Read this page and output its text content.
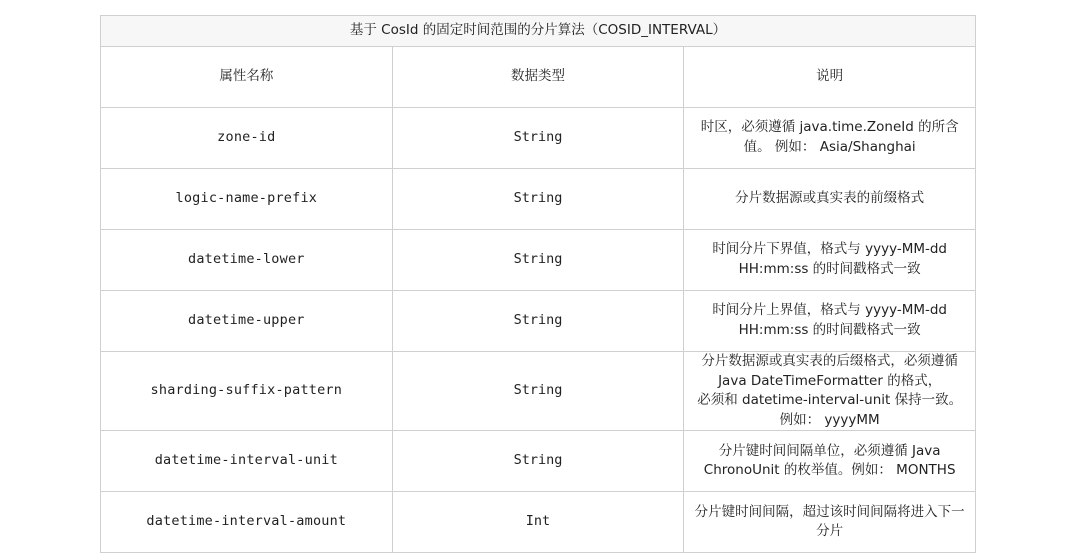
基于 CosId 的固定时间范围的分片算法（COSID_INTERVAL）		
属性名称	数据类型	说明
zone-id	String	时区，必须遵循 java.time.ZoneId 的所含值。 例如： Asia/Shanghai
logic-name-prefix	String	分片数据源或真实表的前缀格式
datetime-lower	String	时间分片下界值，格式与 yyyy-MM-dd HH:mm:ss 的时间戳格式一致
datetime-upper	String	时间分片上界值，格式与 yyyy-MM-dd HH:mm:ss 的时间戳格式一致
sharding-suffix-pattern	String	分片数据源或真实表的后缀格式，必须遵循 Java DateTimeFormatter 的格式，
必须和 datetime-interval-unit 保持一致。例如： yyyyMM

datetime-interval-unit	String	分片键时间间隔单位，必须遵循 Java ChronoUnit 的枚举值。例如： MONTHS
datetime-interval-amount	Int	分片键时间间隔，超过该时间间隔将进入下一分片
